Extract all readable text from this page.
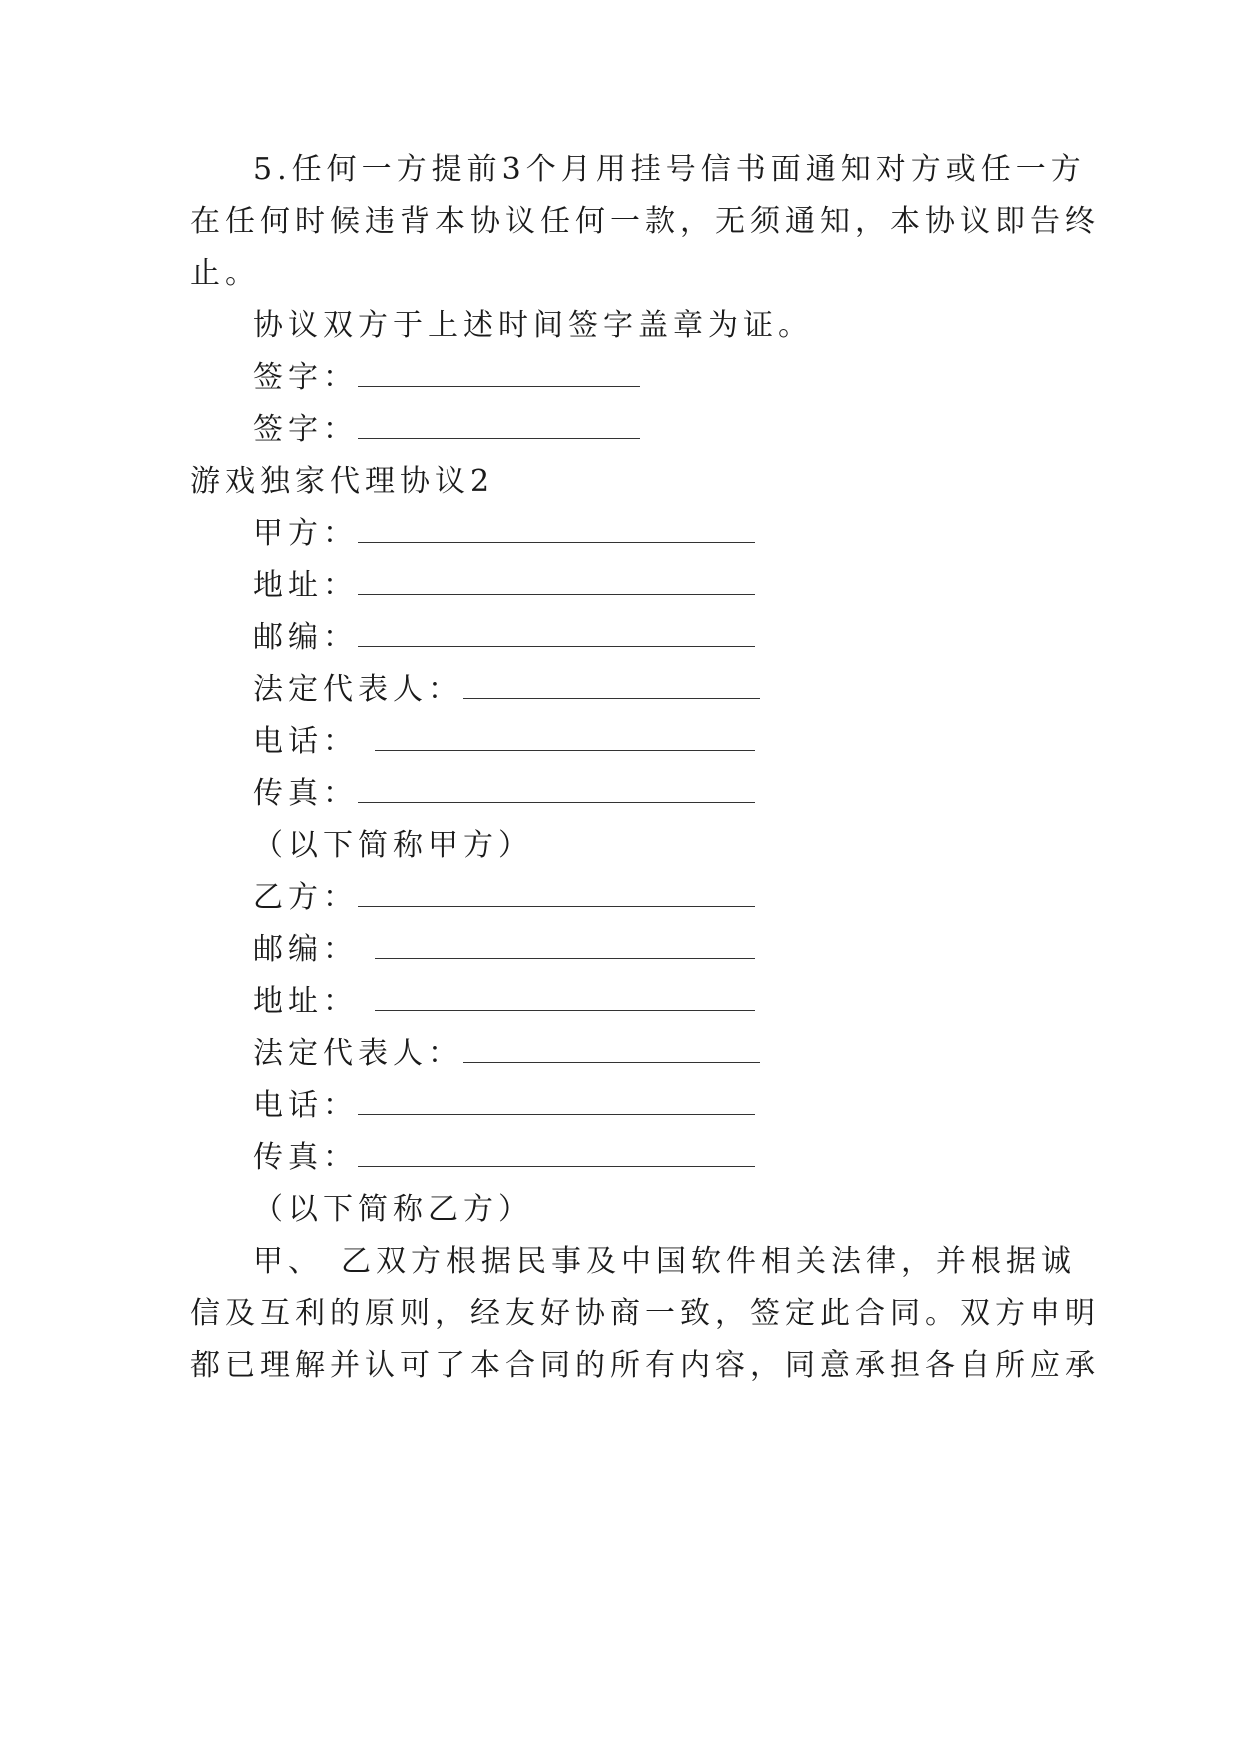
5.任何一方提前3个月用挂号信书面通知对方或任一方
在任何时候违背本协议任何一款，无须通知，本协议即告终
止。
协议双方于上述时间签字盖章为证。
签字：
签字：
游戏独家代理协议2
甲方：
地址：
邮编：
法定代表人：
电话：
传真：
（以下简称甲方）
乙方：
邮编：
地址：
法定代表人：
电话：
传真：
（以下简称乙方）
甲、 乙双方根据民事及中国软件相关法律，并根据诚
信及互利的原则，经友好协商一致，签定此合同。双方申明
都已理解并认可了本合同的所有内容，同意承担各自所应承
